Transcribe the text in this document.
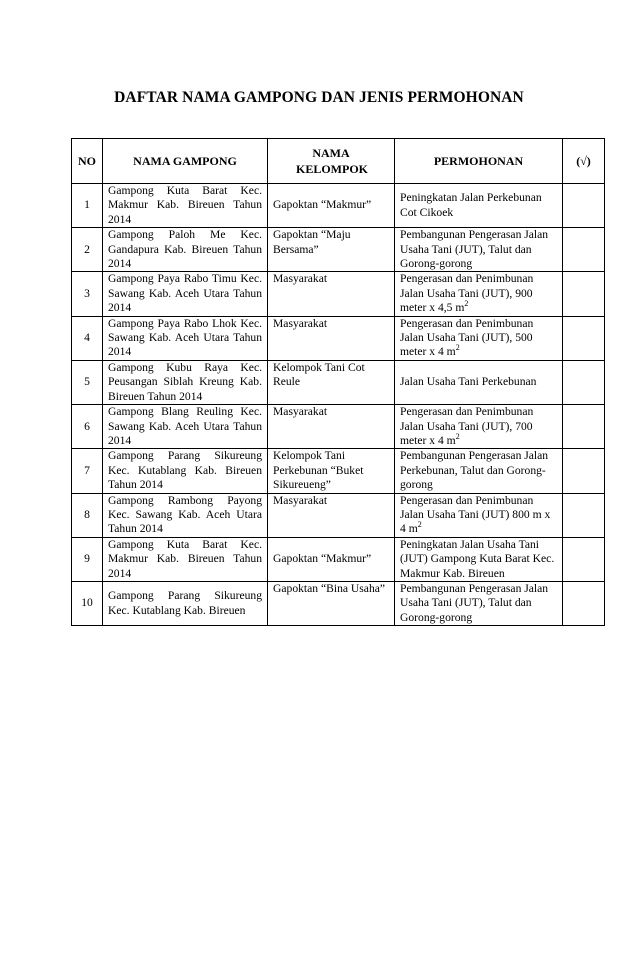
DAFTAR NAMA GAMPONG DAN JENIS PERMOHONAN
NO	NAMA GAMPONG	NAMA KELOMPOK	PERMOHONAN	(√)
1	Gampong Kuta Barat Kec. Makmur Kab. Bireuen Tahun 2014	Gapoktan “Makmur”	Peningkatan Jalan Perkebunan Cot Cikoek	
2	Gampong Paloh Me Kec. Gandapura Kab. Bireuen Tahun 2014	Gapoktan “Maju Bersama”	Pembangunan Pengerasan Jalan Usaha Tani (JUT), Talut dan Gorong-gorong	
3	Gampong Paya Rabo Timu Kec. Sawang Kab. Aceh Utara Tahun 2014	Masyarakat	Pengerasan dan Penimbunan Jalan Usaha Tani (JUT), 900 meter x 4,5 $m^2$	
4	Gampong Paya Rabo Lhok Kec. Sawang Kab. Aceh Utara Tahun 2014	Masyarakat	Pengerasan dan Penimbunan Jalan Usaha Tani (JUT), 500 meter x 4 $m^2$	
5	Gampong Kubu Raya Kec. Peusangan Siblah Kreung Kab. Bireuen Tahun 2014	Kelompok Tani Cot Reule	Jalan Usaha Tani Perkebunan	
6	Gampong Blang Reuling Kec. Sawang Kab. Aceh Utara Tahun 2014	Masyarakat	Pengerasan dan Penimbunan Jalan Usaha Tani (JUT), 700 meter x 4 $m^2$	
7	Gampong Parang Sikureung Kec. Kutablang Kab. Bireuen Tahun 2014	Kelompok Tani Perkebunan “Buket Sikureueng”	Pembangunan Pengerasan Jalan Perkebunan, Talut dan Gorong-gorong	
8	Gampong Rambong Payong Kec. Sawang Kab. Aceh Utara Tahun 2014	Masyarakat	Pengerasan dan Penimbunan Jalan Usaha Tani (JUT) 800 m x 4 $m^2$	
9	Gampong Kuta Barat Kec. Makmur Kab. Bireuen Tahun 2014	Gapoktan “Makmur”	Peningkatan Jalan Usaha Tani (JUT) Gampong Kuta Barat Kec. Makmur Kab. Bireuen	
10	Gampong Parang Sikureung Kec. Kutablang Kab. Bireuen	Gapoktan “Bina Usaha”	Pembangunan Pengerasan Jalan Usaha Tani (JUT), Talut dan Gorong-gorong	
